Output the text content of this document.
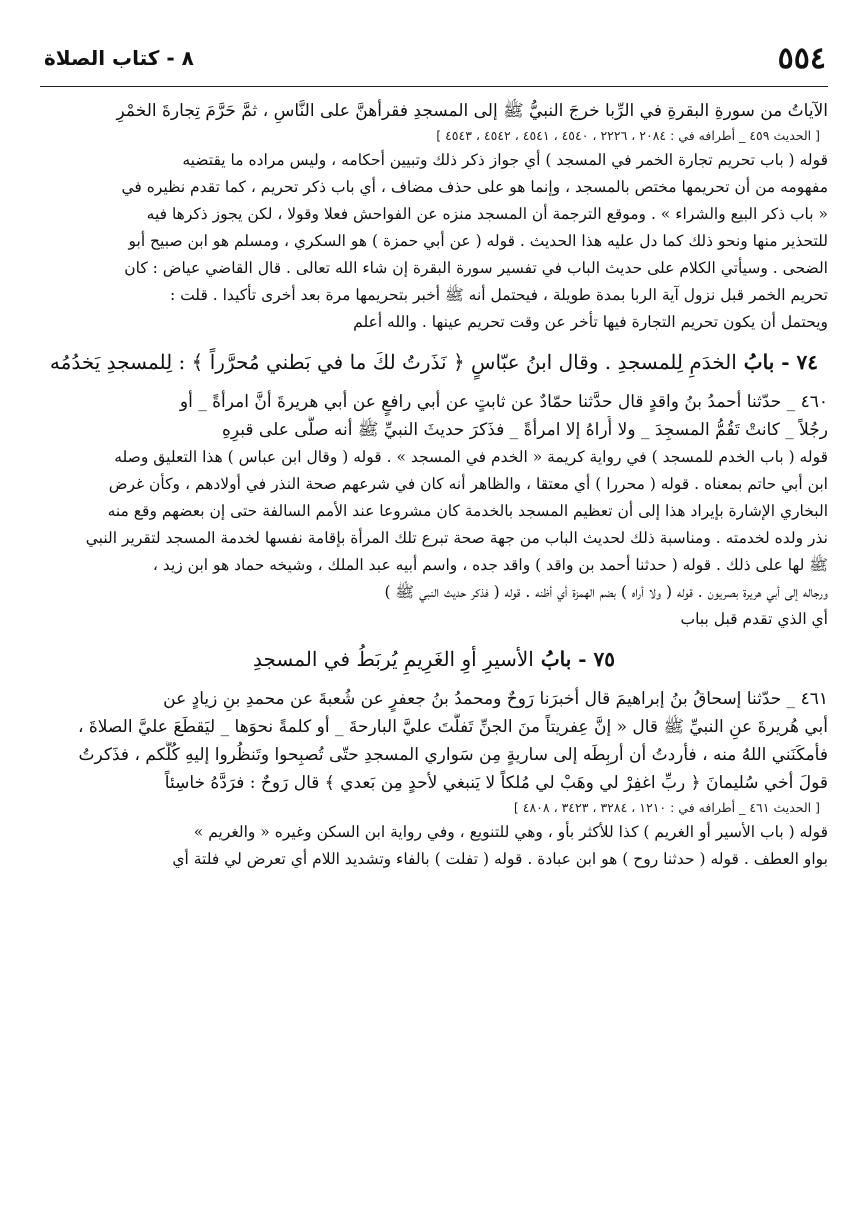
٥٥٤
٨ - كتاب الصلاة

الآياتُ من سورةِ البقرةِ في الرِّبا خرجَ النبيُّ ﷺ إلى المسجدِ فقرأهنَّ على النَّاسِ ، ثمَّ حَرَّمَ تِجارةَ الخمْرِ

[ الحديث ٤٥٩ _ أطرافه في : ٢٠٨٤ ، ٢٢٢٦ ، ٤٥٤٠ ، ٤٥٤١ ، ٤٥٤٢ ، ٤٥٤٣ ]

قوله ( باب تحريم تجارة الخمر في المسجد ) أي جواز ذكر ذلك وتبيين أحكامه ، وليس مراده ما يقتضيه

مفهومه من أن تحريمها مختص بالمسجد ، وإنما هو على حذف مضاف ، أي باب ذكر تحريم ، كما تقدم نظيره في

« باب ذكر البيع والشراء » . وموقع الترجمة أن المسجد منزه عن الفواحش فعلا وقولا ، لكن يجوز ذكرها فيه

للتحذير منها ونحو ذلك كما دل عليه هذا الحديث . قوله ( عن أبي حمزة ) هو السكري ، ومسلم هو ابن صبيح أبو

الضحى . وسيأتي الكلام على حديث الباب في تفسير سورة البقرة إن شاء الله تعالى . قال القاضي عياض : كان

تحريم الخمر قبل نزول آية الربا بمدة طويلة ، فيحتمل أنه ﷺ أخبر بتحريمها مرة بعد أخرى تأكيدا . قلت :

ويحتمل أن يكون تحريم التجارة فيها تأخر عن وقت تحريم عينها . والله أعلم

٧٤ - بابُ الخدَمِ لِلمسجدِ . وقال ابنُ عبّاسٍ ﴿ نَذَرتُ لكَ ما في بَطني مُحرَّراً ﴾ : لِلمسجدِ يَخدُمُه

٤٦٠ _ حدّثنا أحمدُ بنُ واقدٍ قال حدَّثنا حمّادٌ عن ثابتٍ عن أبي رافعٍ عن أبي هريرةَ أنَّ امرأةً _ أو

رجُلاً _ كانتْ تَقُمُّ المسجِدَ _ ولا أُراهُ إلا امرأةً _ فذَكرَ حديثَ النبيِّ ﷺ أنه صلَّى على قبرِهِ

قوله ( باب الخدم للمسجد ) في رواية كريمة « الخدم في المسجد » . قوله ( وقال ابن عباس ) هذا التعليق وصله

ابن أبي حاتم بمعناه . قوله ( محررا ) أي معتقا ، والظاهر أنه كان في شرعهم صحة النذر في أولادهم ، وكأن غرض

البخاري الإشارة بإيراد هذا إلى أن تعظيم المسجد بالخدمة كان مشروعا عند الأمم السالفة حتى إن بعضهم وقع منه

نذر ولده لخدمته . ومناسبة ذلك لحديث الباب من جهة صحة تبرع تلك المرأة بإقامة نفسها لخدمة المسجد لتقرير النبي

ﷺ لها على ذلك . قوله ( حدثنا أحمد بن واقد ) واقد جده ، واسم أبيه عبد الملك ، وشيخه حماد هو ابن زيد ،

ورجاله إلى أبي هريرة بصريون . قوله ( ولا أراه ) بضم الهمزة أي أظنه . قوله ( فذكر حديث النبي ﷺ )

أي الذي تقدم قبل بباب

٧٥ - بابُ الأسيرِ أوِ الغَرِيمِ يُربَطُ في المسجدِ

٤٦١ _ حدّثنا إسحاقُ بنُ إبراهيمَ قال أخبرَنا رَوحٌ ومحمدُ بنُ جعفرٍ عن شُعبةَ عن محمدِ بنِ زيادٍ عن

أبي هُريرةَ عنِ النبيِّ ﷺ قال « إنَّ عِفريتاً منَ الجنِّ تَفلَّتَ عليَّ البارحةَ _ أو كلمةً نحوَها _ ليَقطَعَ عليَّ الصلاةَ ،

فأمكَنَني اللهُ منه ، فأردتُ أن أربِطَه إلى ساريةٍ مِن سَواري المسجدِ حتّى تُصبِحوا وتَنظُروا إليهِ كُلُّكم ، فذَكرتُ

قولَ أخي سُليمانَ ﴿ ربِّ اغفِرْ لي وهَبْ لي مُلكاً لا يَنبغي لأحدٍ مِن بَعدي ﴾ قال رَوحٌ : فرَدَّهُ خاسِئاً

[ الحديث ٤٦١ _ أطرافه في : ١٢١٠ ، ٣٢٨٤ ، ٣٤٢٣ ، ٤٨٠٨ ]

قوله ( باب الأسير أو الغريم ) كذا للأكثر بأو ، وهي للتنويع ، وفي رواية ابن السكن وغيره « والغريم »

بواو العطف . قوله ( حدثنا روح ) هو ابن عبادة . قوله ( تفلت ) بالفاء وتشديد اللام أي تعرض لي فلتة أي
